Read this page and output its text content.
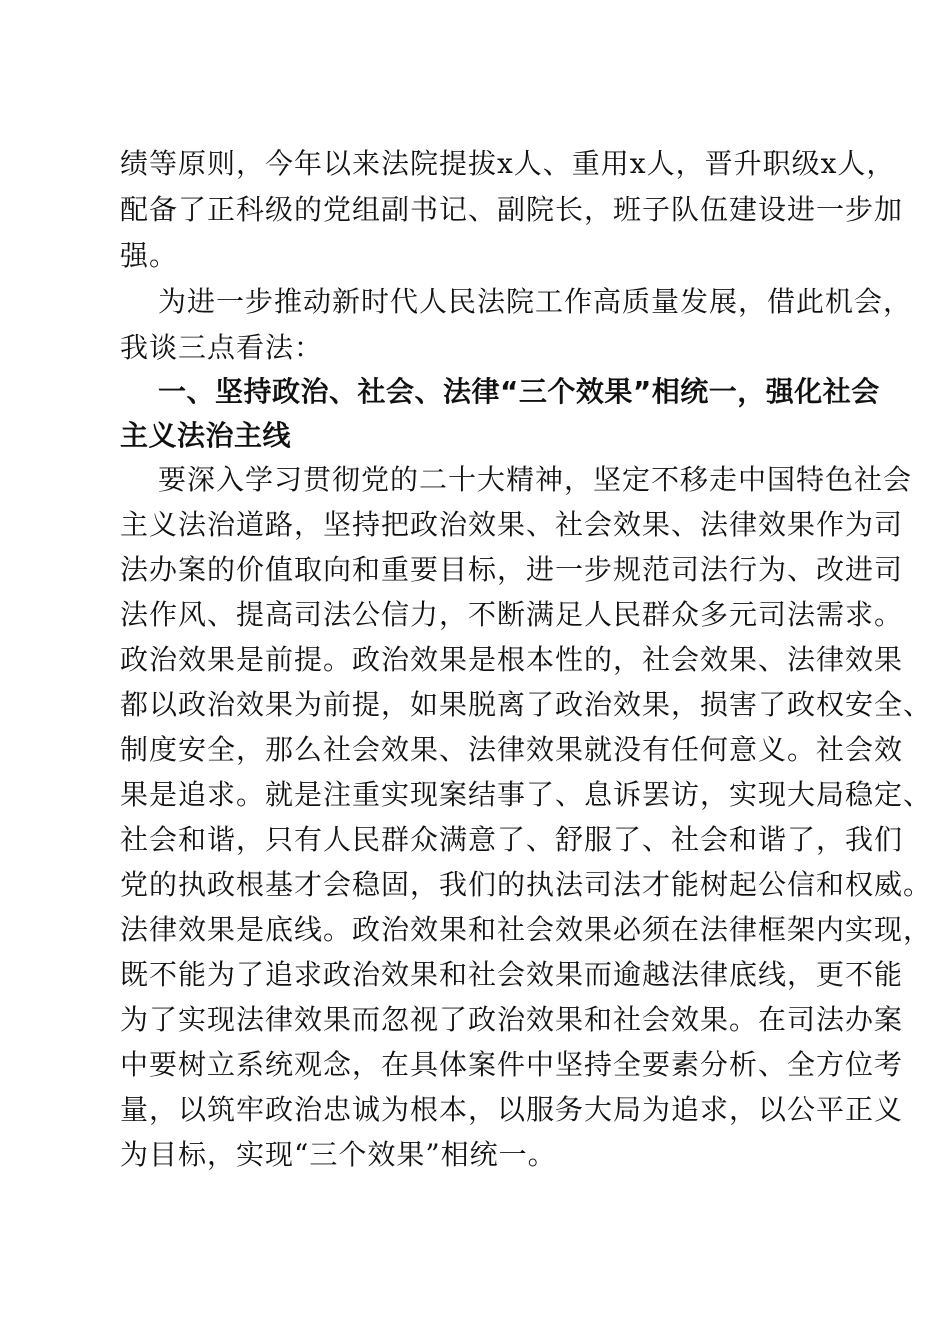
绩等原则，今年以来法院提拔x人、重用x人，晋升职级x人，
配备了正科级的党组副书记、副院长，班子队伍建设进一步加
强。
为进一步推动新时代人民法院工作高质量发展，借此机会，
我谈三点看法：
一、坚持政治、社会、法律“三个效果”相统一，强化社会
主义法治主线
要深入学习贯彻党的二十大精神，坚定不移走中国特色社会
主义法治道路，坚持把政治效果、社会效果、法律效果作为司
法办案的价值取向和重要目标，进一步规范司法行为、改进司
法作风、提高司法公信力，不断满足人民群众多元司法需求。
政治效果是前提。政治效果是根本性的，社会效果、法律效果
都以政治效果为前提，如果脱离了政治效果，损害了政权安全、
制度安全，那么社会效果、法律效果就没有任何意义。社会效
果是追求。就是注重实现案结事了、息诉罢访，实现大局稳定、
社会和谐，只有人民群众满意了、舒服了、社会和谐了，我们
党的执政根基才会稳固，我们的执法司法才能树起公信和权威。
法律效果是底线。政治效果和社会效果必须在法律框架内实现，
既不能为了追求政治效果和社会效果而逾越法律底线，更不能
为了实现法律效果而忽视了政治效果和社会效果。在司法办案
中要树立系统观念，在具体案件中坚持全要素分析、全方位考
量，以筑牢政治忠诚为根本，以服务大局为追求，以公平正义
为目标，实现“三个效果”相统一。
